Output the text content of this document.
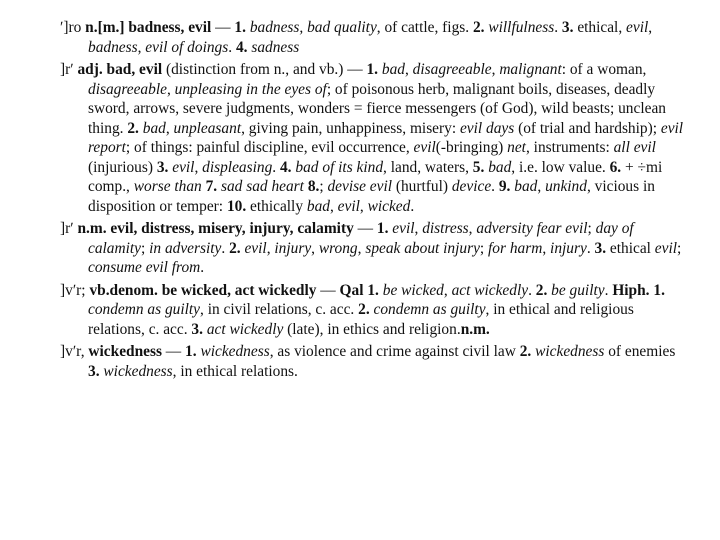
ʹ]ro n.[m.] badness, evil — 1. badness, bad quality, of cattle, figs. 2. willfulness. 3. ethical, evil, badness, evil of doings. 4. sadness

]rʹ adj. bad, evil (distinction from n., and vb.) — 1. bad, disagreeable, malignant: of a woman, disagreeable, unpleasing in the eyes of; of poisonous herb, malignant boils, diseases, deadly sword, arrows, severe judgments, wonders = fierce messengers (of God), wild beasts; unclean thing. 2. bad, unpleasant, giving pain, unhappiness, misery: evil days (of trial and hardship); evil report; of things: painful discipline, evil occurrence, evil(-bringing) net, instruments: all evil (injurious) 3. evil, displeasing. 4. bad of its kind, land, waters, 5. bad, i.e. low value. 6. + ÷mi comp., worse than 7. sad sad heart 8.; devise evil (hurtful) device. 9. bad, unkind, vicious in disposition or temper: 10. ethically bad, evil, wicked.

]rʹ n.m. evil, distress, misery, injury, calamity — 1. evil, distress, adversity fear evil; day of calamity; in adversity. 2. evil, injury, wrong, speak about injury; for harm, injury. 3. ethical evil; consume evil from.

]vʹr; vb.denom. be wicked, act wickedly — Qal 1. be wicked, act wickedly. 2. be guilty. Hiph. 1. condemn as guilty, in civil relations, c. acc. 2. condemn as guilty, in ethical and religious relations, c. acc. 3. act wickedly (late), in ethics and religion.n.m.

]vʹr, wickedness — 1. wickedness, as violence and crime against civil law 2. wickedness of enemies 3. wickedness, in ethical relations.
